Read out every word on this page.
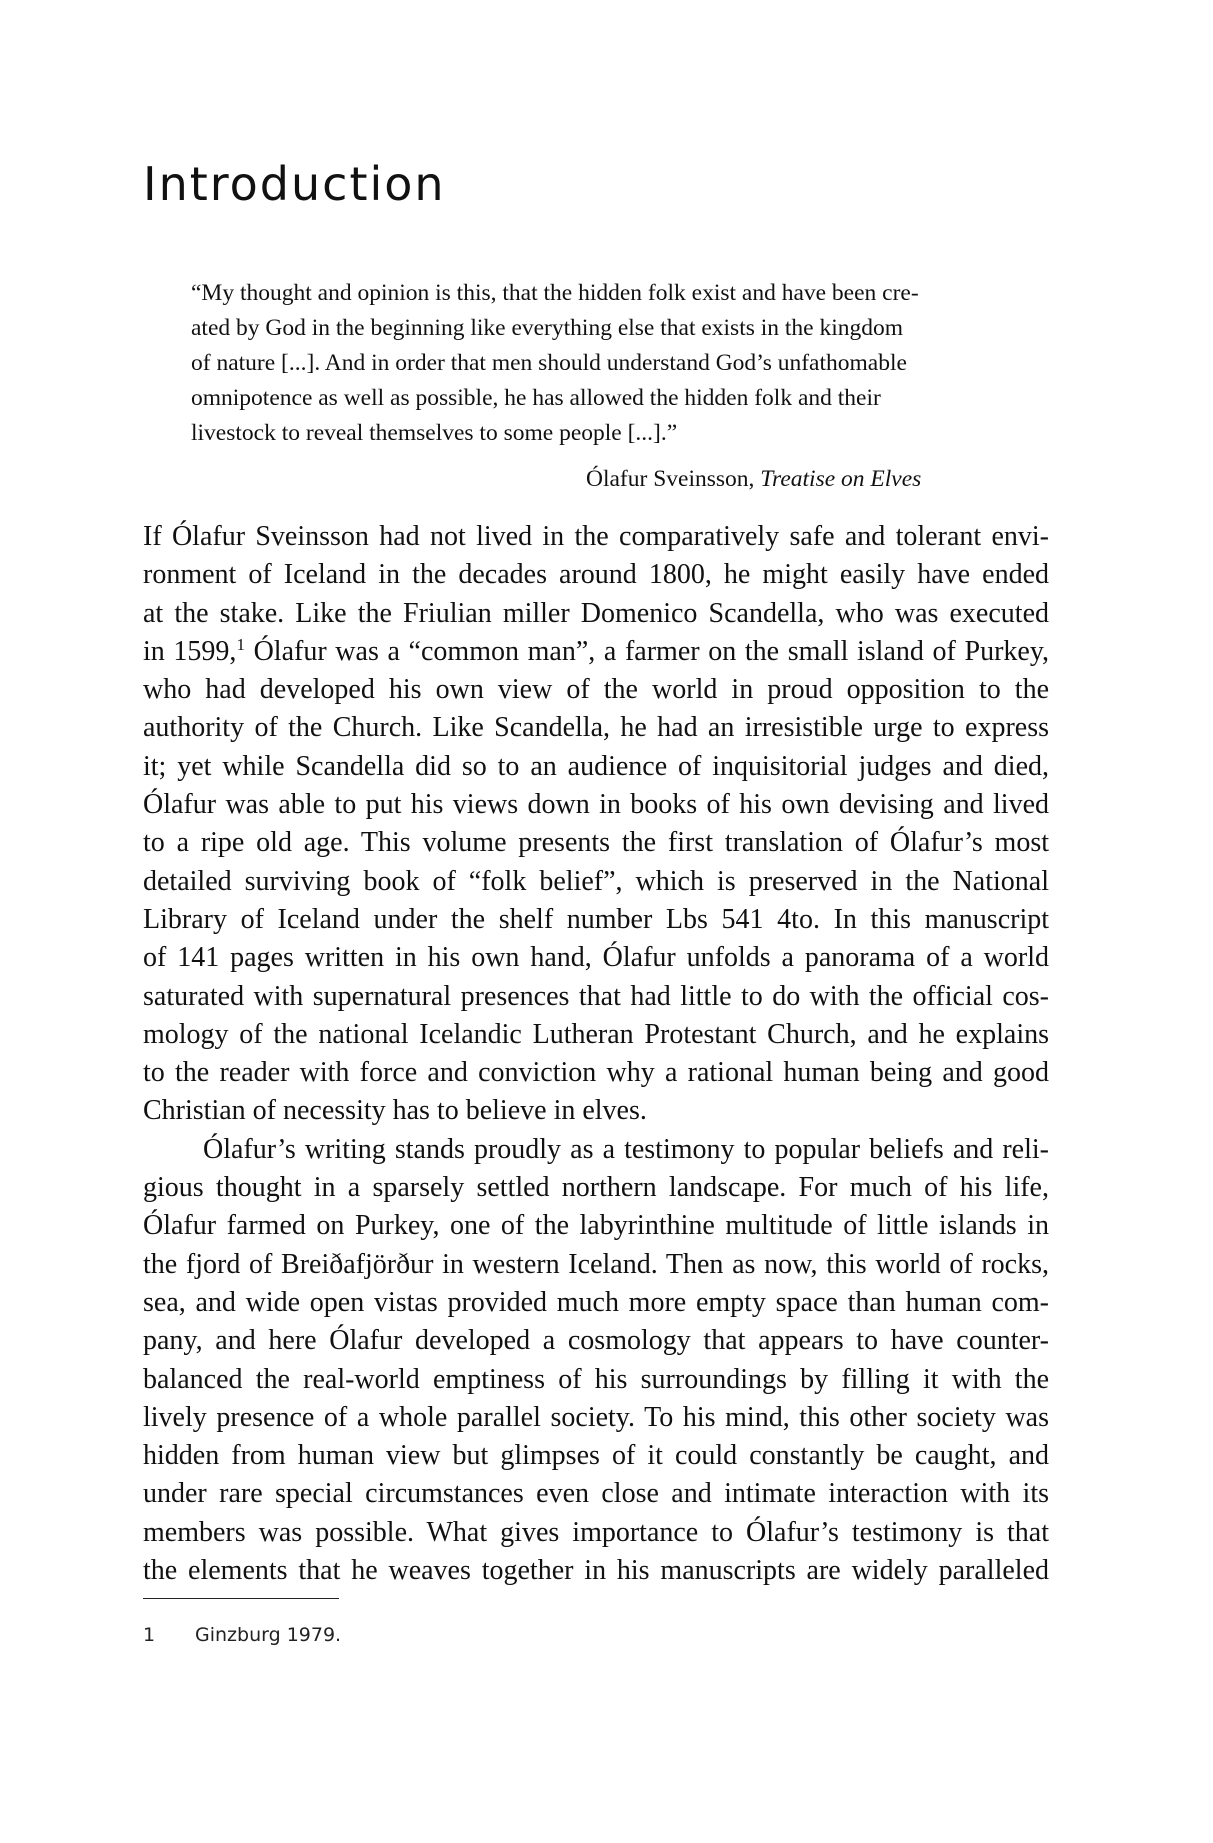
Introduction
“My thought and opinion is this, that the hidden folk exist and have been cre-
ated by God in the beginning like everything else that exists in the kingdom
of nature [...]. And in order that men should understand God’s unfathomable
omnipotence as well as possible, he has allowed the hidden folk and their
livestock to reveal themselves to some people [...].”
Ólafur Sveinsson, Treatise on Elves
If Ólafur Sveinsson had not lived in the comparatively safe and tolerant envi-
ronment of Iceland in the decades around 1800, he might easily have ended
at the stake. Like the Friulian miller Domenico Scandella, who was executed
in 1599,$^1$ Ólafur was a “common man”, a farmer on the small island of Purkey,
who had developed his own view of the world in proud opposition to the
authority of the Church. Like Scandella, he had an irresistible urge to express
it; yet while Scandella did so to an audience of inquisitorial judges and died,
Ólafur was able to put his views down in books of his own devising and lived
to a ripe old age. This volume presents the first translation of Ólafur’s most
detailed surviving book of “folk belief”, which is preserved in the National
Library of Iceland under the shelf number Lbs 541 4to. In this manuscript
of 141 pages written in his own hand, Ólafur unfolds a panorama of a world
saturated with supernatural presences that had little to do with the official cos-
mology of the national Icelandic Lutheran Protestant Church, and he explains
to the reader with force and conviction why a rational human being and good
Christian of necessity has to believe in elves.
Ólafur’s writing stands proudly as a testimony to popular beliefs and reli-
gious thought in a sparsely settled northern landscape. For much of his life,
Ólafur farmed on Purkey, one of the labyrinthine multitude of little islands in
the fjord of Breiðafjörður in western Iceland. Then as now, this world of rocks,
sea, and wide open vistas provided much more empty space than human com-
pany, and here Ólafur developed a cosmology that appears to have counter-
balanced the real-world emptiness of his surroundings by filling it with the
lively presence of a whole parallel society. To his mind, this other society was
hidden from human view but glimpses of it could constantly be caught, and
under rare special circumstances even close and intimate interaction with its
members was possible. What gives importance to Ólafur’s testimony is that
the elements that he weaves together in his manuscripts are widely paralleled
1 Ginzburg 1979.
